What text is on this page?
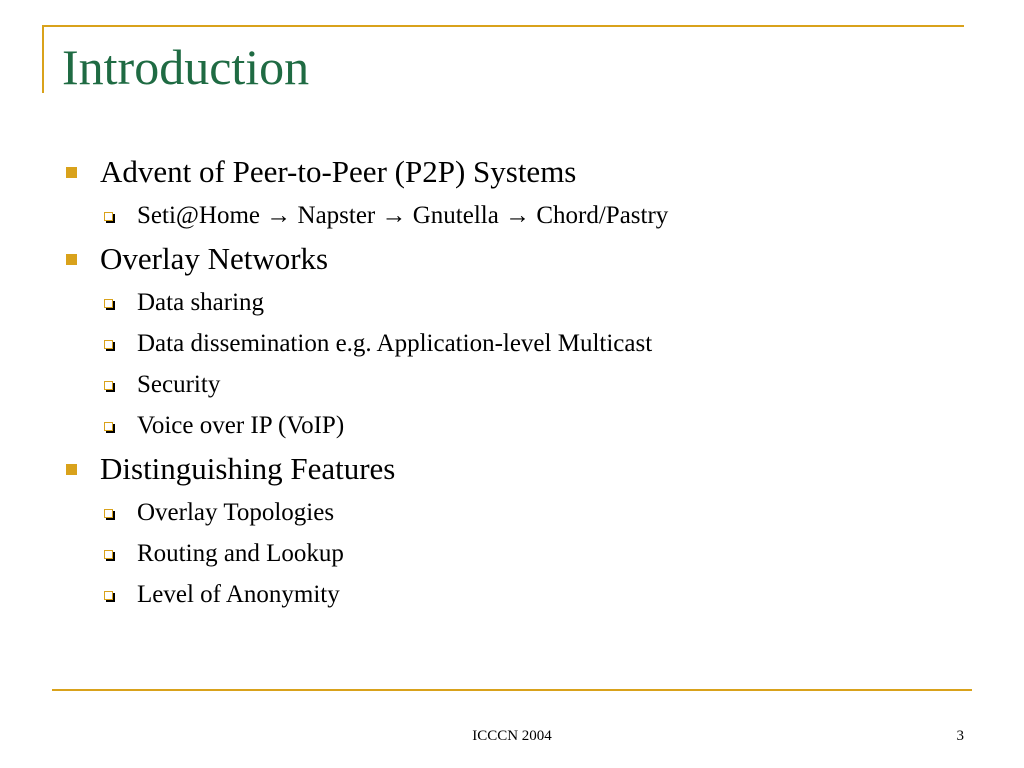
Introduction
Advent of Peer-to-Peer (P2P) Systems
Seti@Home → Napster → Gnutella → Chord/Pastry
Overlay Networks
Data sharing
Data dissemination e.g. Application-level Multicast
Security
Voice over IP (VoIP)
Distinguishing Features
Overlay Topologies
Routing and Lookup
Level of Anonymity
ICCCN 2004	3
